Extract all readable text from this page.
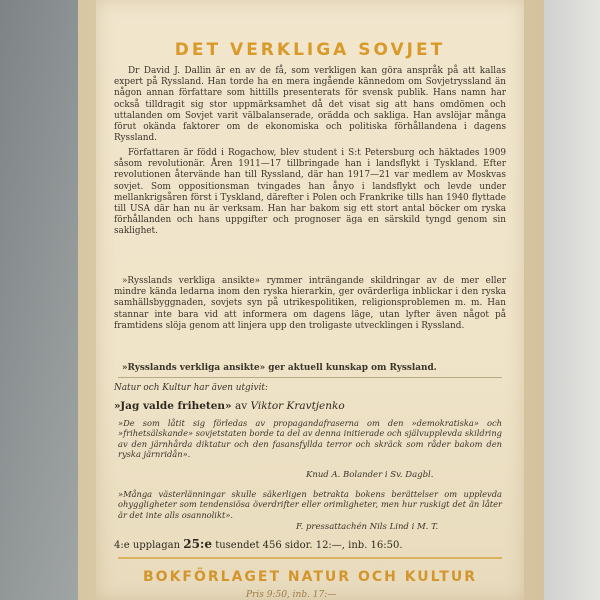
DET VERKLIGA SOVJET
Dr David J. Dallin är en av de få, som verkligen kan göra anspråk på att kallas expert på Ryssland. Han torde ha en mera ingående kännedom om Sovjetryssland än någon annan författare som hittills presenterats för svensk publik. Hans namn har också tilldragit sig stor uppmärksamhet då det visat sig att hans omdömen och uttalanden om Sovjet varit välbalanserade, oräddа och sakliga. Han avslöjar många förut okända faktorer om de ekonomiska och politiska förhållandena i dagens Ryssland.
Författaren är född i Rogachow, blev student i S:t Petersburg och häktades 1909 såsom revolutionär. Åren 1911—17 tillbringade han i landsflykt i Tyskland. Efter revolutionen återvände han till Ryssland, där han 1917—21 var medlem av Moskvas sovjet. Som oppositionsman tvingades han ånyo i landsflykt och levde under mellankrigsåren först i Tyskland, därefter i Polen och Frankrike tills han 1940 flyttade till USA där han nu är verksam. Han har bakom sig ett stort antal böcker om ryska förhållanden och hans uppgifter och prognoser äga en särskild tyngd genom sin saklighet.
»Rysslands verkliga ansikte» rymmer inträngande skildringar av de mer eller mindre kända ledarna inom den ryska hierarkin, ger ovärderliga inblickar i den ryska samhällsbyggnaden, sovjets syn på utrikespolitiken, religionsproblemen m. m. Han stannar inte bara vid att informera om dagens läge, utan lyfter även något på framtidens slöja genom att linjera upp den troligaste utvecklingen i Ryssland.
»Rysslands verkliga ansikte» ger aktuell kunskap om Ryssland.
Natur och Kultur har även utgivit:
»Jag valde friheten» av Viktor Kravtjenko
»De som låtit sig förledas av propagandafraserna om den »demokratiska» och »frihetsälskande» sovjetstaten borde ta del av denna initierade och självupplevda skildring av den järnhårda diktatur och den fasansfyllda terror och skräck som råder bakom den ryska järnridån».
Knud A. Bolander i Sv. Dagbl.
»Många västerlänningar skulle säkerligen betrakta bokens berättelser om upplevda ohyggligheter som tendensiösa överdrifter eller orimligheter, men hur ruskigt det än låter är det inte alls osannolikt».
F. pressattachén Nils Lind i M. T.
4:e upplagan 25:e tusendet 456 sidor. 12:—, inb. 16:50.
BOKFÖRLAGET NATUR OCH KULTUR
Pris 9:50, inb. 17:—
